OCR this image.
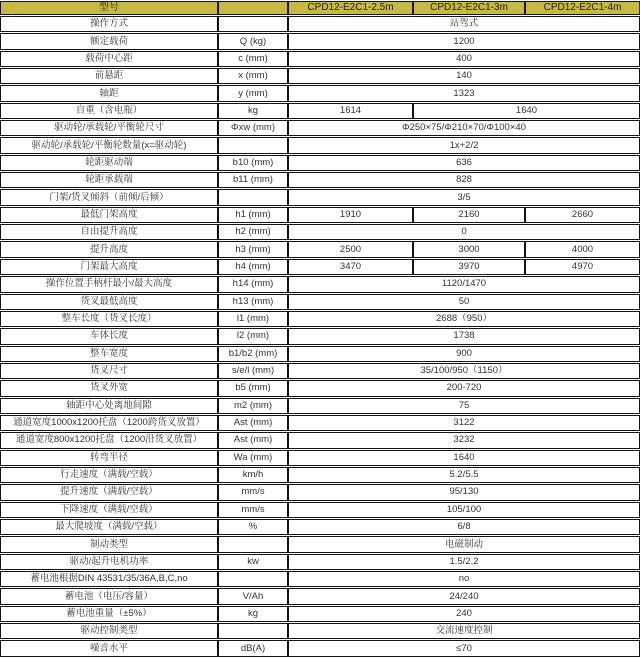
型号		CPD12-E2C1-2.5m	CPD12-E2C1-3m	CPD12-E2C1-4m
操作方式		站驾式		
额定载荷	Q (kg)	1200		
载荷中心距	c (mm)	400		
前悬距	x (mm)	140		
轴距	y (mm)	1323		
自重（含电瓶）	kg	1614	1640	
驱动轮/承载轮/平衡轮尺寸	Φxw (mm)	Φ250×75/Φ210×70/Φ100×40		
驱动轮/承载轮/平衡轮数量(x=驱动轮)		1x+2/2		
轮距驱动端	b10 (mm)	636		
轮距承载端	b11 (mm)	828		
门架/货叉倾斜（前倾/后倾）		3/5		
最低门架高度	h1 (mm)	1910	2160	2660
自由提升高度	h2 (mm)	0		
提升高度	h3 (mm)	2500	3000	4000
门架最大高度	h4 (mm)	3470	3970	4970
操作位置手柄杆最小/最大高度	h14 (mm)	1120/1470		
货叉最低高度	h13 (mm)	50		
整车长度（货叉长度）	l1 (mm)	2688（950）		
车体长度	l2 (mm)	1738		
整车宽度	b1/b2 (mm)	900		
货叉尺寸	s/e/l (mm)	35/100/950（1150）		
货叉外宽	b5 (mm)	200-720		
轴距中心处离地间隙	m2 (mm)	75		
通道宽度1000x1200托盘（1200跨货叉放置）	Ast (mm)	3122		
通道宽度800x1200托盘（1200沿货叉放置）	Ast (mm)	3232		
转弯半径	Wa (mm)	1640		
行走速度（满载/空载）	km/h	5.2/5.5		
提升速度（满载/空载）	mm/s	95/130		
下降速度（满载/空载）	mm/s	105/100		
最大爬坡度（满载/空载）	%	6/8		
制动类型		电磁制动		
驱动/起升电机功率	kw	1.5/2.2		
蓄电池根据DIN 43531/35/36A,B,C,no		no		
蓄电池（电压/容量）	V/Ah	24/240		
蓄电池重量（±5%）	kg	240		
驱动控制类型		交流速度控制		
噪音水平	dB(A)	≤70		
